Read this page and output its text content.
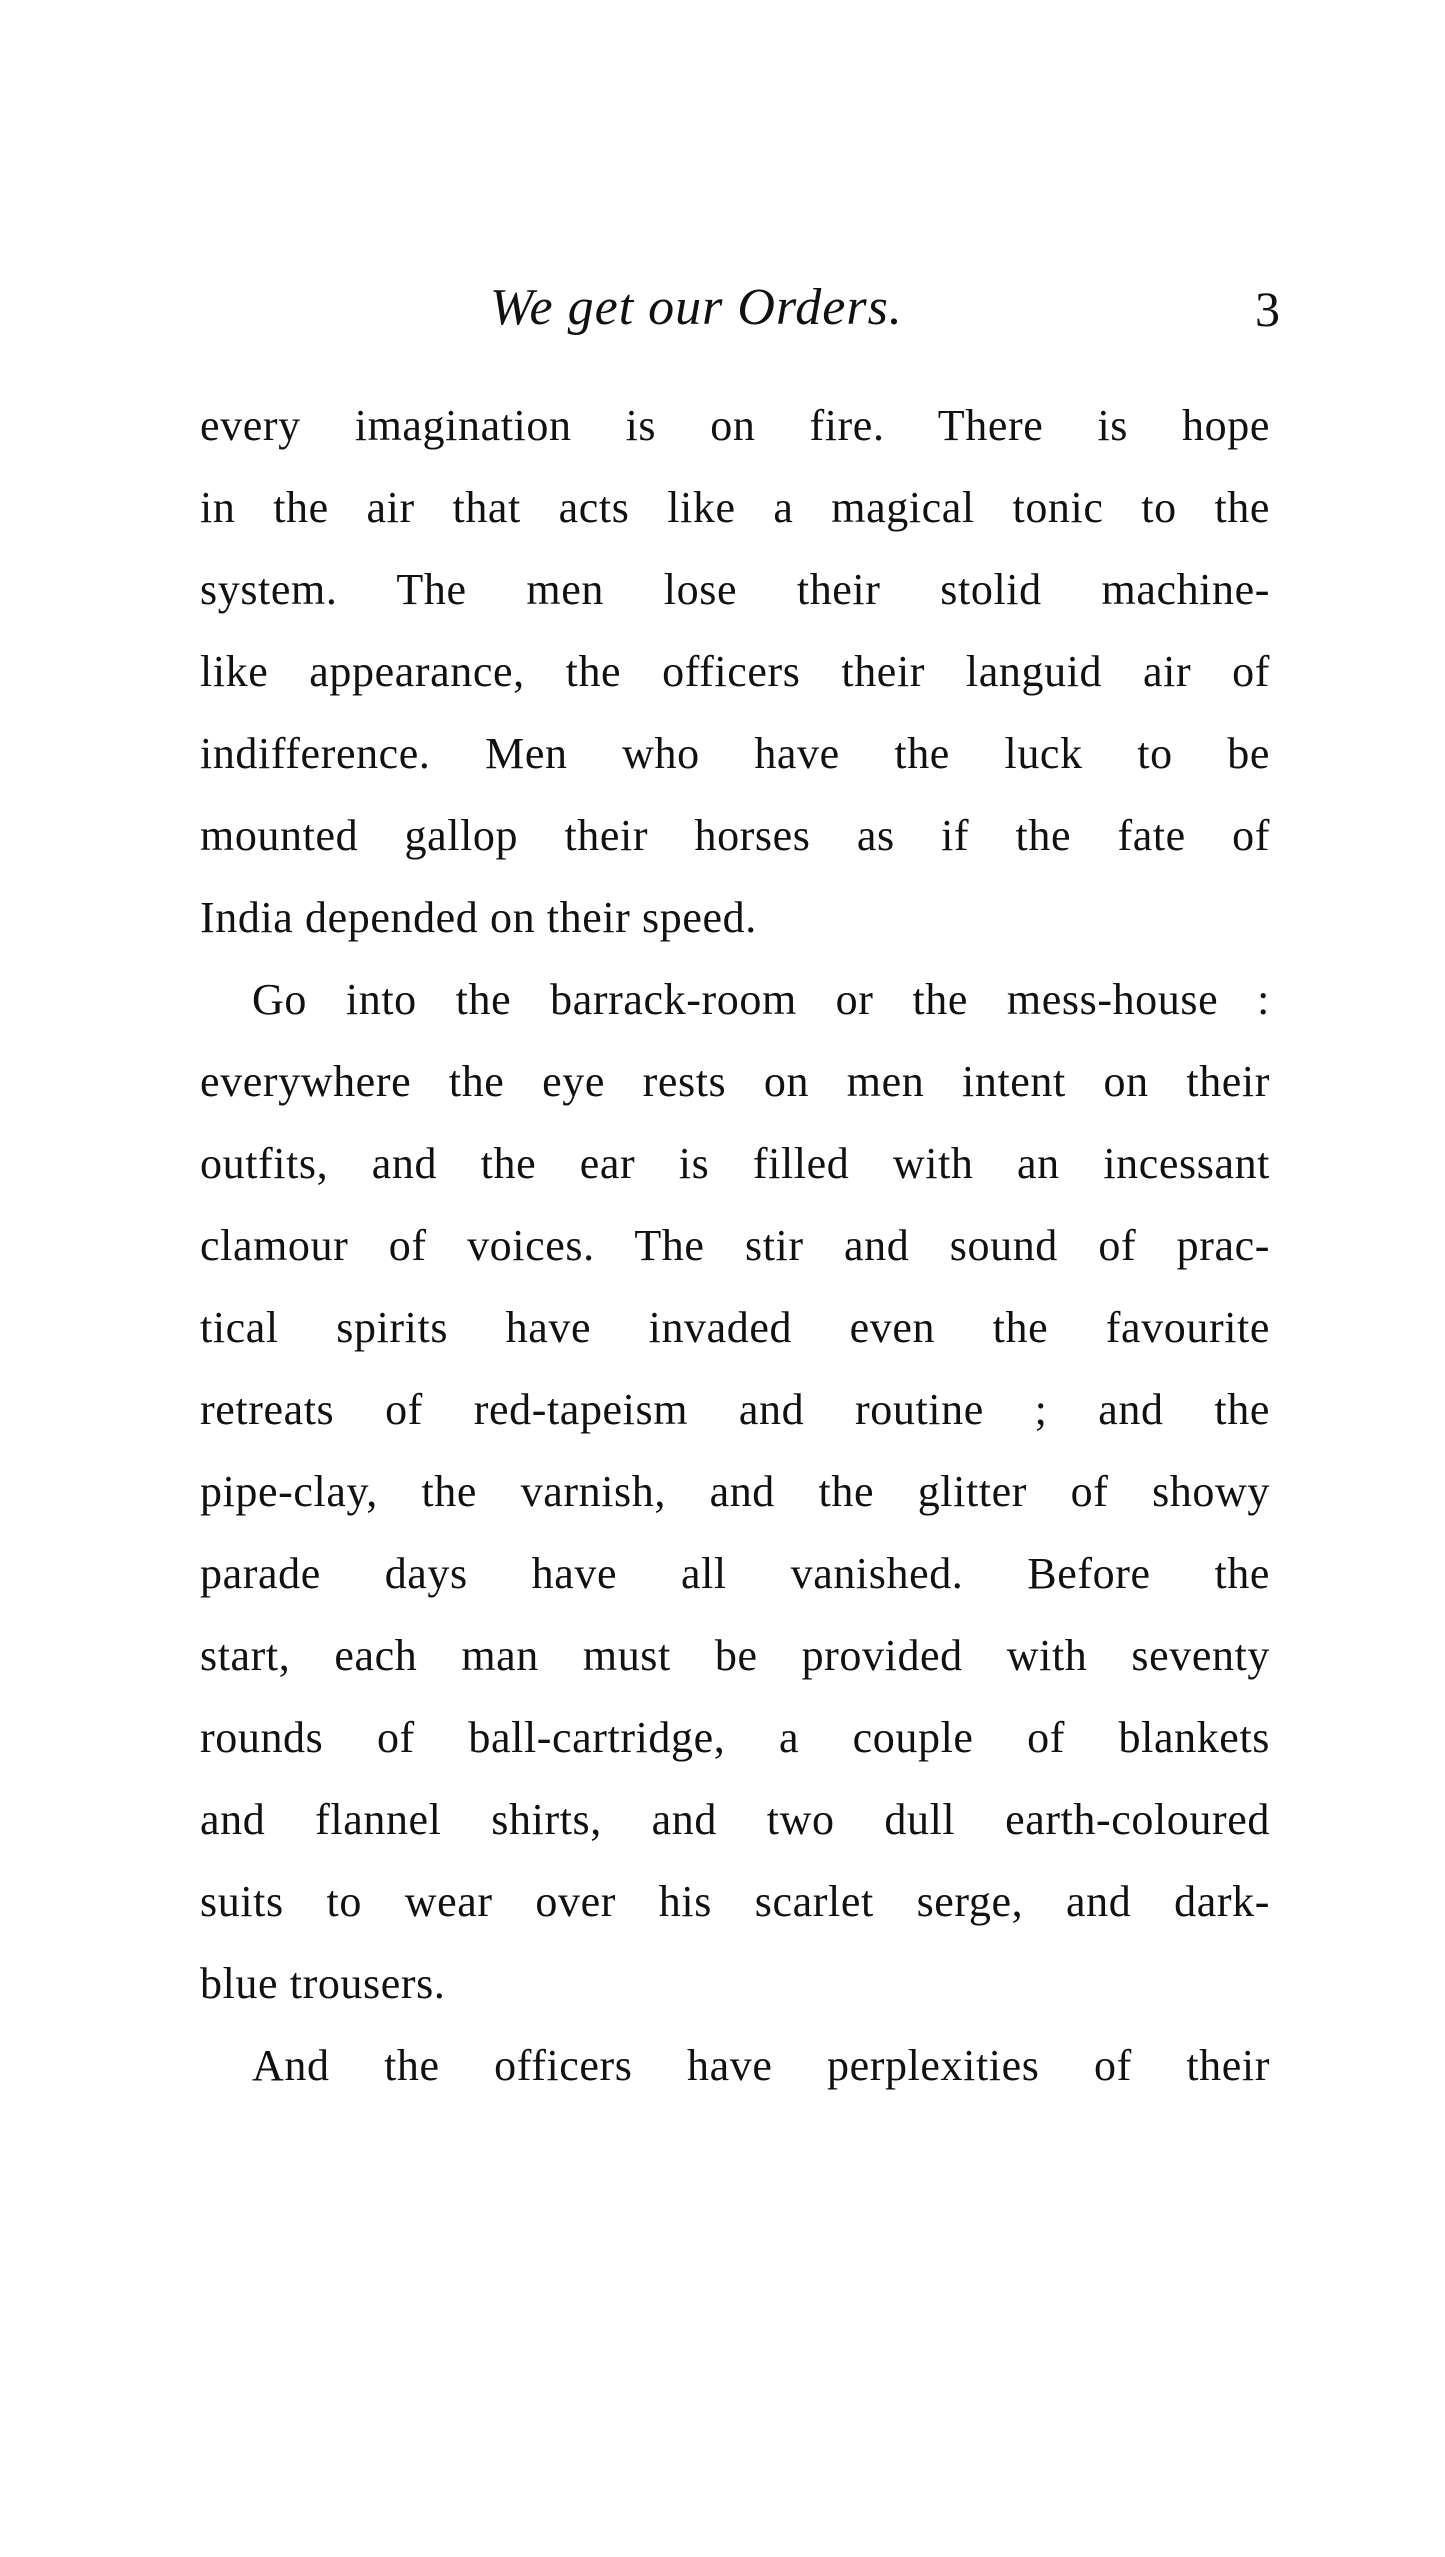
We get our Orders.	3
every imagination is on fire. There is hope
in the air that acts like a magical tonic to the
system. The men lose their stolid machine-
like appearance, the officers their languid air of
indifference. Men who have the luck to be
mounted gallop their horses as if the fate of
India depended on their speed.
Go into the barrack-room or the mess-house :
everywhere the eye rests on men intent on their
outfits, and the ear is filled with an incessant
clamour of voices. The stir and sound of prac-
tical spirits have invaded even the favourite
retreats of red-tapeism and routine ; and the
pipe-clay, the varnish, and the glitter of showy
parade days have all vanished. Before the
start, each man must be provided with seventy
rounds of ball-cartridge, a couple of blankets
and flannel shirts, and two dull earth-coloured
suits to wear over his scarlet serge, and dark-
blue trousers.
And the officers have perplexities of their
